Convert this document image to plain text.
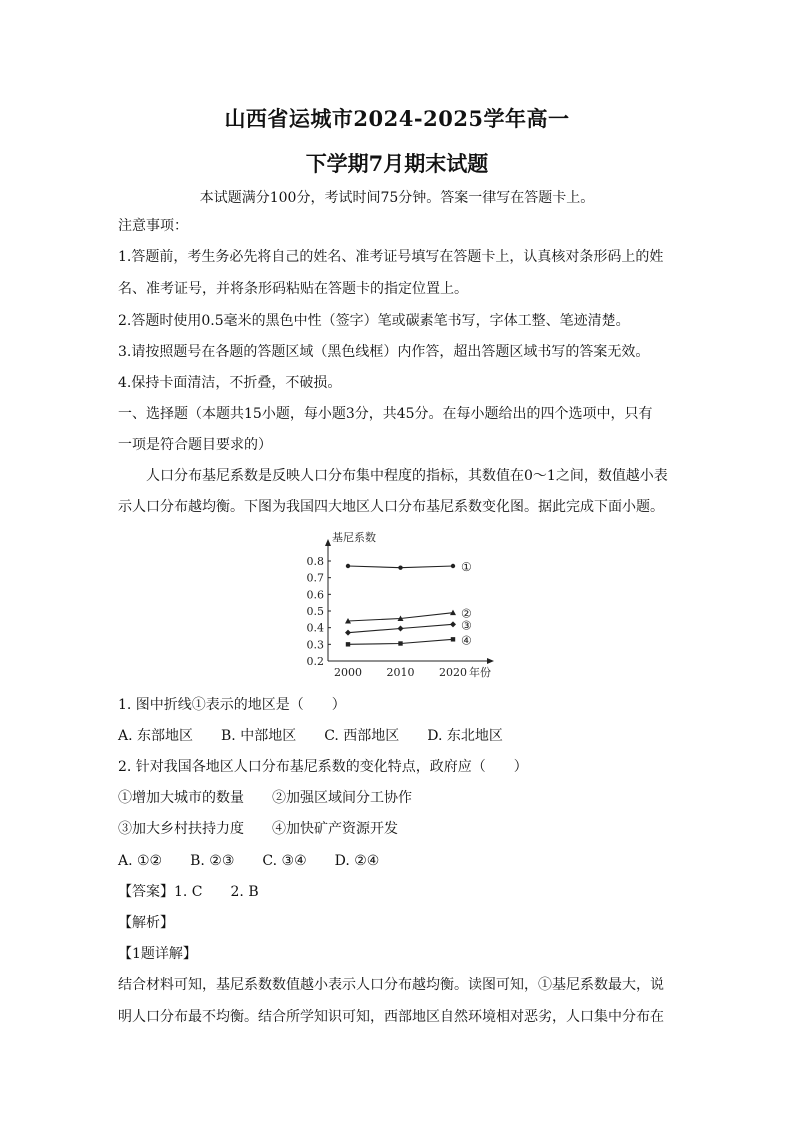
山西省运城市2024-2025学年高一
下学期7月期末试题
本试题满分100分，考试时间75分钟。答案一律写在答题卡上。
注意事项：
1.答题前，考生务必先将自己的姓名、准考证号填写在答题卡上，认真核对条形码上的姓
名、准考证号，并将条形码粘贴在答题卡的指定位置上。
2.答题时使用0.5毫米的黑色中性（签字）笔或碳素笔书写，字体工整、笔迹清楚。
3.请按照题号在各题的答题区域（黑色线框）内作答，超出答题区域书写的答案无效。
4.保持卡面清洁，不折叠，不破损。
一、选择题（本题共15小题，每小题3分，共45分。在每小题给出的四个选项中，只有
一项是符合题目要求的）
人口分布基尼系数是反映人口分布集中程度的指标，其数值在0～1之间，数值越小表
示人口分布越均衡。下图为我国四大地区人口分布基尼系数变化图。据此完成下面小题。
基尼系数
0.8
0.7
0.6
0.5
0.4
0.3
0.2
2000 2010 2020 年份
①
②
③
④
1. 图中折线①表示的地区是（　　）
A. 东部地区　　B. 中部地区　　C. 西部地区　　D. 东北地区
2. 针对我国各地区人口分布基尼系数的变化特点，政府应（　　）
①增加大城市的数量　　②加强区域间分工协作
③加大乡村扶持力度　　④加快矿产资源开发
A. ①②　　B. ②③　　C. ③④　　D. ②④
【答案】1. C　　2. B
【解析】
【1题详解】
结合材料可知，基尼系数数值越小表示人口分布越均衡。读图可知，①基尼系数最大，说
明人口分布最不均衡。结合所学知识可知，西部地区自然环境相对恶劣，人口集中分布在
